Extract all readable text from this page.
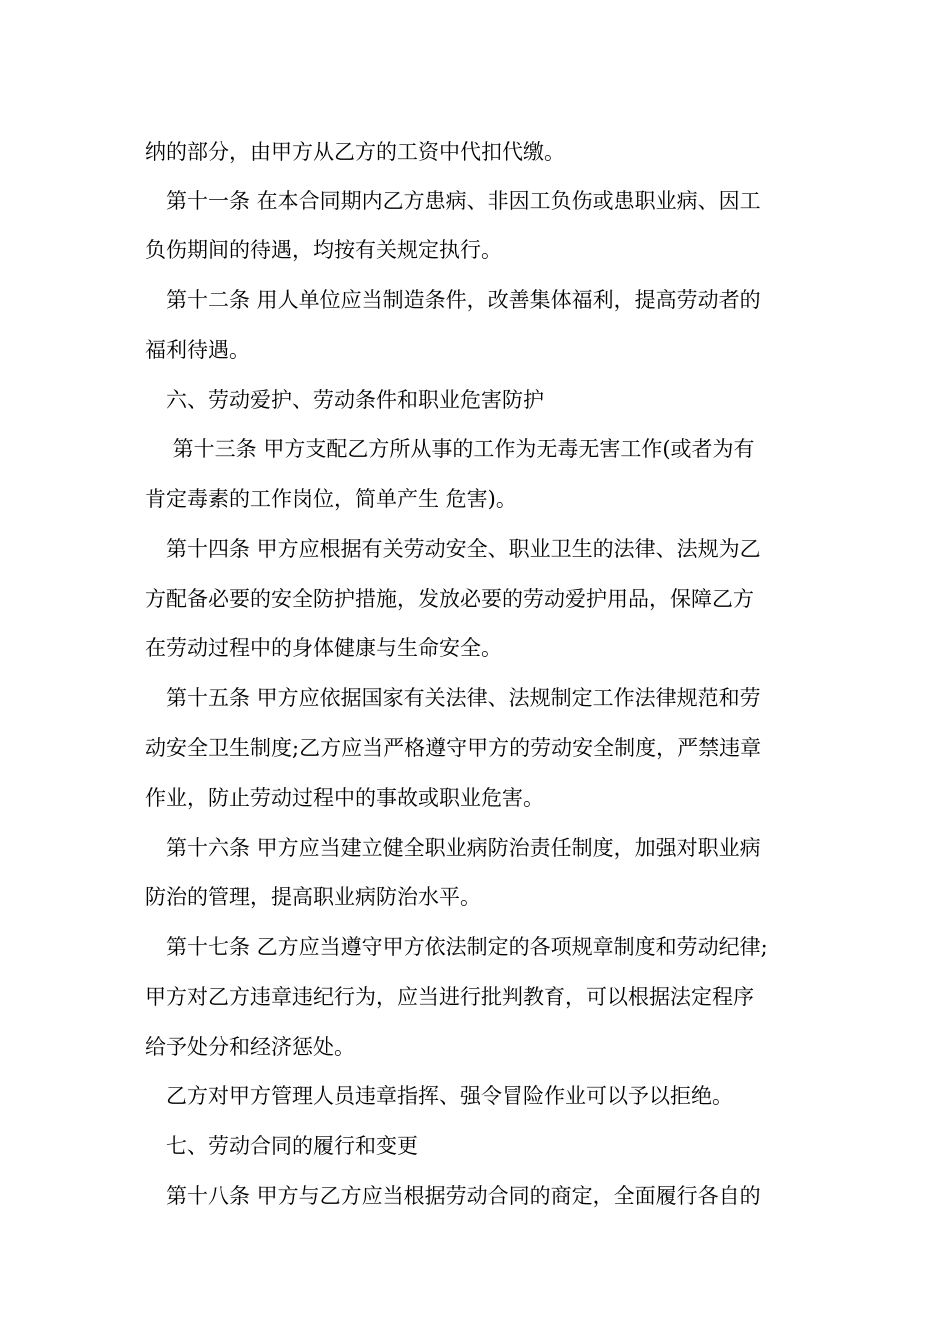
纳的部分，由甲方从乙方的工资中代扣代缴。
　第十一条 在本合同期内乙方患病、非因工负伤或患职业病、因工
负伤期间的待遇，均按有关规定执行。
　第十二条 用人单位应当制造条件，改善集体福利，提高劳动者的
福利待遇。
　六、劳动爱护、劳动条件和职业危害防护
　 第十三条 甲方支配乙方所从事的工作为无毒无害工作(或者为有
肯定毒素的工作岗位，简单产生 危害)。
　第十四条 甲方应根据有关劳动安全、职业卫生的法律、法规为乙
方配备必要的安全防护措施，发放必要的劳动爱护用品，保障乙方
在劳动过程中的身体健康与生命安全。
　第十五条 甲方应依据国家有关法律、法规制定工作法律规范和劳
动安全卫生制度;乙方应当严格遵守甲方的劳动安全制度，严禁违章
作业，防止劳动过程中的事故或职业危害。
　第十六条 甲方应当建立健全职业病防治责任制度，加强对职业病
防治的管理，提高职业病防治水平。
　第十七条 乙方应当遵守甲方依法制定的各项规章制度和劳动纪律;
甲方对乙方违章违纪行为，应当进行批判教育，可以根据法定程序
给予处分和经济惩处。
　乙方对甲方管理人员违章指挥、强令冒险作业可以予以拒绝。
　七、劳动合同的履行和变更
　第十八条 甲方与乙方应当根据劳动合同的商定，全面履行各自的
